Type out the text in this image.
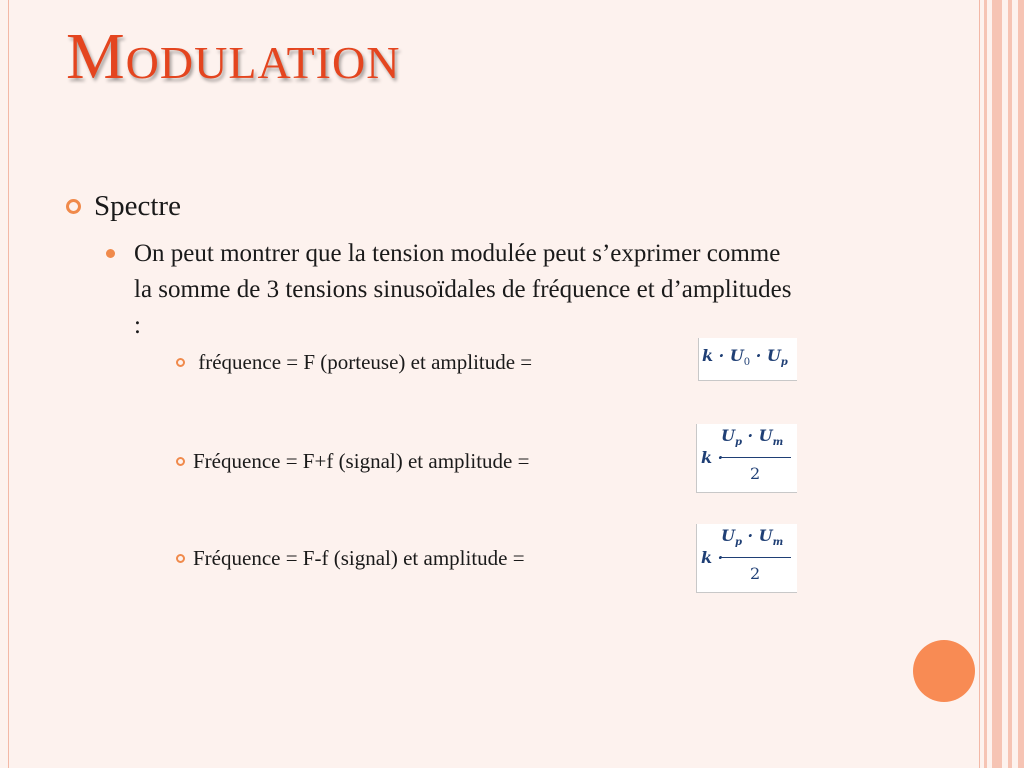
Modulation
Spectre

On peut montrer que la tension modulée peut s’exprimer comme la somme de 3 tensions sinusoïdales de fréquence et d’amplitudes :

fréquence = F (porteuse) et amplitude =	$k \cdot U_0 \cdot U_p$
Fréquence = F+f (signal) et amplitude =	k ·
$U_p \cdot U_m$
2
Fréquence = F-f (signal) et amplitude =	k ·
$U_p \cdot U_m$
2
